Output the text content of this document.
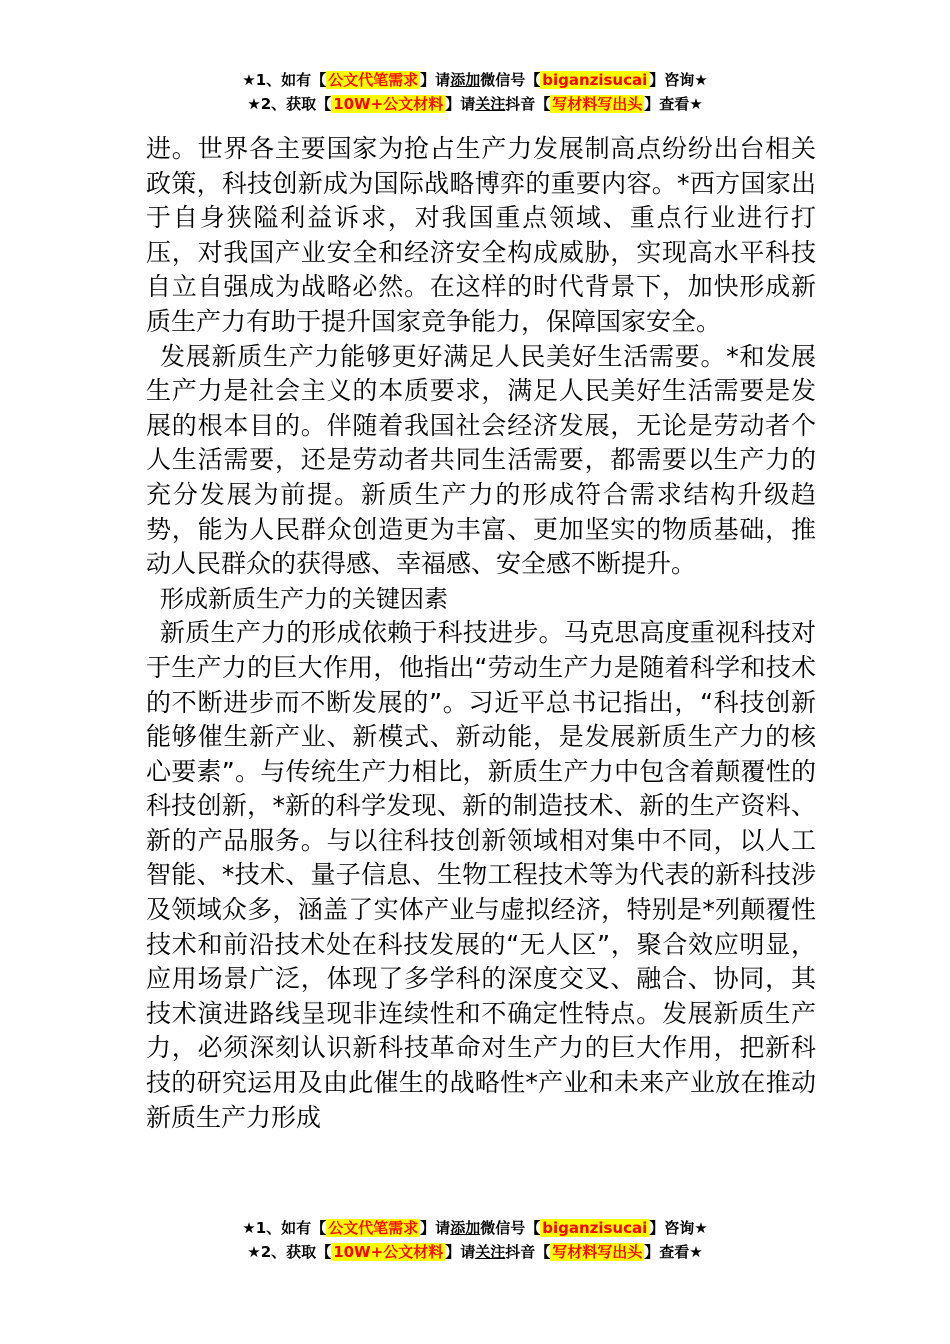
★1、如有【 公文代笔需求 】请添加微信号【 biganzisucai 】咨询★
★2、获取【 10W+公文材料 】请关注抖音【 写材料写出头 】查看★

进。世界各主要国家为抢占生产力发展制高点纷纷出台相关政策，科技创新成为国际战略博弈的重要内容。*西方国家出于自身狭隘利益诉求，对我国重点领域、重点行业进行打压，对我国产业安全和经济安全构成威胁，实现高水平科技自立自强成为战略必然。在这样的时代背景下，加快形成新质生产力有助于提升国家竞争能力，保障国家安全。

发展新质生产力能够更好满足人民美好生活需要。*和发展生产力是社会主义的本质要求，满足人民美好生活需要是发展的根本目的。伴随着我国社会经济发展，无论是劳动者个人生活需要，还是劳动者共同生活需要，都需要以生产力的充分发展为前提。新质生产力的形成符合需求结构升级趋势，能为人民群众创造更为丰富、更加坚实的物质基础，推动人民群众的获得感、幸福感、安全感不断提升。

形成新质生产力的关键因素

新质生产力的形成依赖于科技进步。马克思高度重视科技对于生产力的巨大作用，他指出“劳动生产力是随着科学和技术的不断进步而不断发展的”。习近平总书记指出，“科技创新能够催生新产业、新模式、新动能，是发展新质生产力的核心要素”。与传统生产力相比，新质生产力中包含着颠覆性的科技创新，*新的科学发现、新的制造技术、新的生产资料、新的产品服务。与以往科技创新领域相对集中不同，以人工智能、*技术、量子信息、生物工程技术等为代表的新科技涉及领域众多，涵盖了实体产业与虚拟经济，特别是*列颠覆性技术和前沿技术处在科技发展的“无人区”，聚合效应明显，应用场景广泛，体现了多学科的深度交叉、融合、协同，其技术演进路线呈现非连续性和不确定性特点。发展新质生产力，必须深刻认识新科技革命对生产力的巨大作用，把新科技的研究运用及由此催生的战略性*产业和未来产业放在推动新质生产力形成

★1、如有【 公文代笔需求 】请添加微信号【 biganzisucai 】咨询★
★2、获取【 10W+公文材料 】请关注抖音【 写材料写出头 】查看★
